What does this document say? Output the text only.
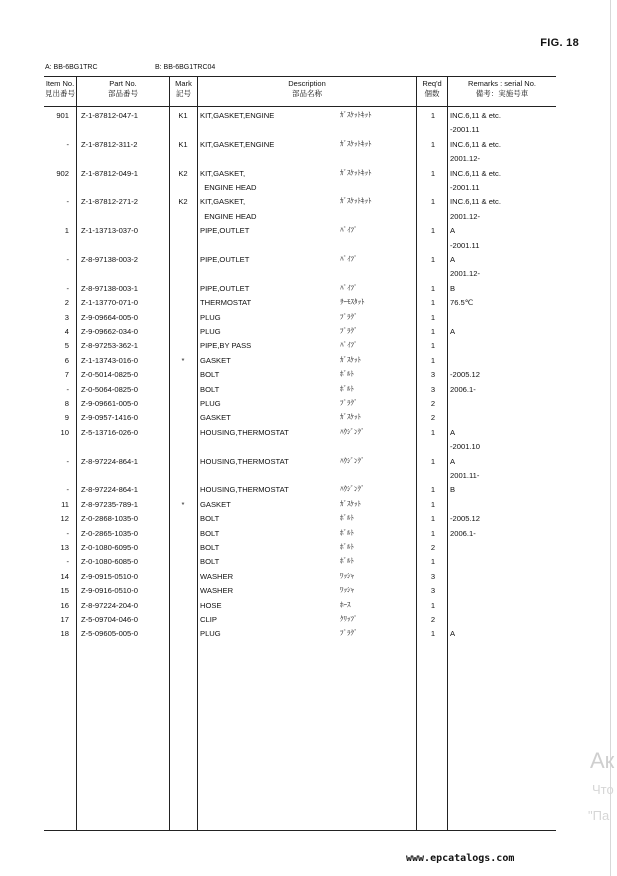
FIG. 18
A: BB-6BG1TRC	B: BB-6BG1TRC04
Item No.
見出番号
Part No.
部品番号
Mark
記号
Description
部品名称
Req'd
個数
Remarks : serial No.
備考：実施号車
901 Z-1-87812-047-1	K1	KIT,GASKET,ENGINE	ｶﾞｽｹｯﾄｷｯﾄ	1	INC.6,11 & etc.
-2001.11
- Z-1-87812-311-2	K1	KIT,GASKET,ENGINE	ｶﾞｽｹｯﾄｷｯﾄ	1	INC.6,11 & etc.
2001.12-
902 Z-1-87812-049-1	K2	KIT,GASKET,	ｶﾞｽｹｯﾄｷｯﾄ	1	INC.6,11 & etc.
ENGINE HEAD	-2001.11
- Z-1-87812-271-2	K2	KIT,GASKET,	ｶﾞｽｹｯﾄｷｯﾄ	1	INC.6,11 & etc.
ENGINE HEAD	2001.12-
1 Z-1-13713-037-0	PIPE,OUTLET	ﾊﾟｲﾌﾟ	1	A
-2001.11
- Z-8-97138-003-2	PIPE,OUTLET	ﾊﾟｲﾌﾟ	1	A
2001.12-
- Z-8-97138-003-1	PIPE,OUTLET	ﾊﾟｲﾌﾟ	1	B
2 Z-1-13770-071-0	THERMOSTAT	ｻｰﾓｽﾀｯﾄ	1	76.5℃
3 Z-9-09664-005-0	PLUG	ﾌﾟﾗｸﾞ	1
4 Z-9-09662-034-0	PLUG	ﾌﾟﾗｸﾞ	1	A
5 Z-8-97253-362-1	PIPE,BY PASS	ﾊﾟｲﾌﾟ	1
6 Z-1-13743-016-0	*	GASKET	ｶﾞｽｹｯﾄ	1
7 Z-0-5014-0825-0	BOLT	ﾎﾞﾙﾄ	3	-2005.12
- Z-0-5064-0825-0	BOLT	ﾎﾞﾙﾄ	3	2006.1-
8 Z-9-09661-005-0	PLUG	ﾌﾟﾗｸﾞ	2
9 Z-9-0957-1416-0	GASKET	ｶﾞｽｹｯﾄ	2
10 Z-5-13716-026-0	HOUSING,THERMOSTAT	ﾊｳｼﾞﾝｸﾞ	1	A
-2001.10
- Z-8-97224-864-1	HOUSING,THERMOSTAT	ﾊｳｼﾞﾝｸﾞ	1	A
2001.11-
- Z-8-97224-864-1	HOUSING,THERMOSTAT	ﾊｳｼﾞﾝｸﾞ	1	B
11 Z-8-97235-789-1	*	GASKET	ｶﾞｽｹｯﾄ	1
12 Z-0-2868-1035-0	BOLT	ﾎﾞﾙﾄ	1	-2005.12
- Z-0-2865-1035-0	BOLT	ﾎﾞﾙﾄ	1	2006.1-
13 Z-0-1080-6095-0	BOLT	ﾎﾞﾙﾄ	2
- Z-0-1080-6085-0	BOLT	ﾎﾞﾙﾄ	1
14 Z-9-0915-0510-0	WASHER	ﾜｯｼｬ	3
15 Z-9-0916-0510-0	WASHER	ﾜｯｼｬ	3
16 Z-8-97224-204-0	HOSE	ﾎｰｽ	1
17 Z-5-09704-046-0	CLIP	ｸﾘｯﾌﾟ	2
18 Z-5-09605-005-0	PLUG	ﾌﾟﾗｸﾞ	1	A
Ак
Что
"Па
www.epcatalogs.com
